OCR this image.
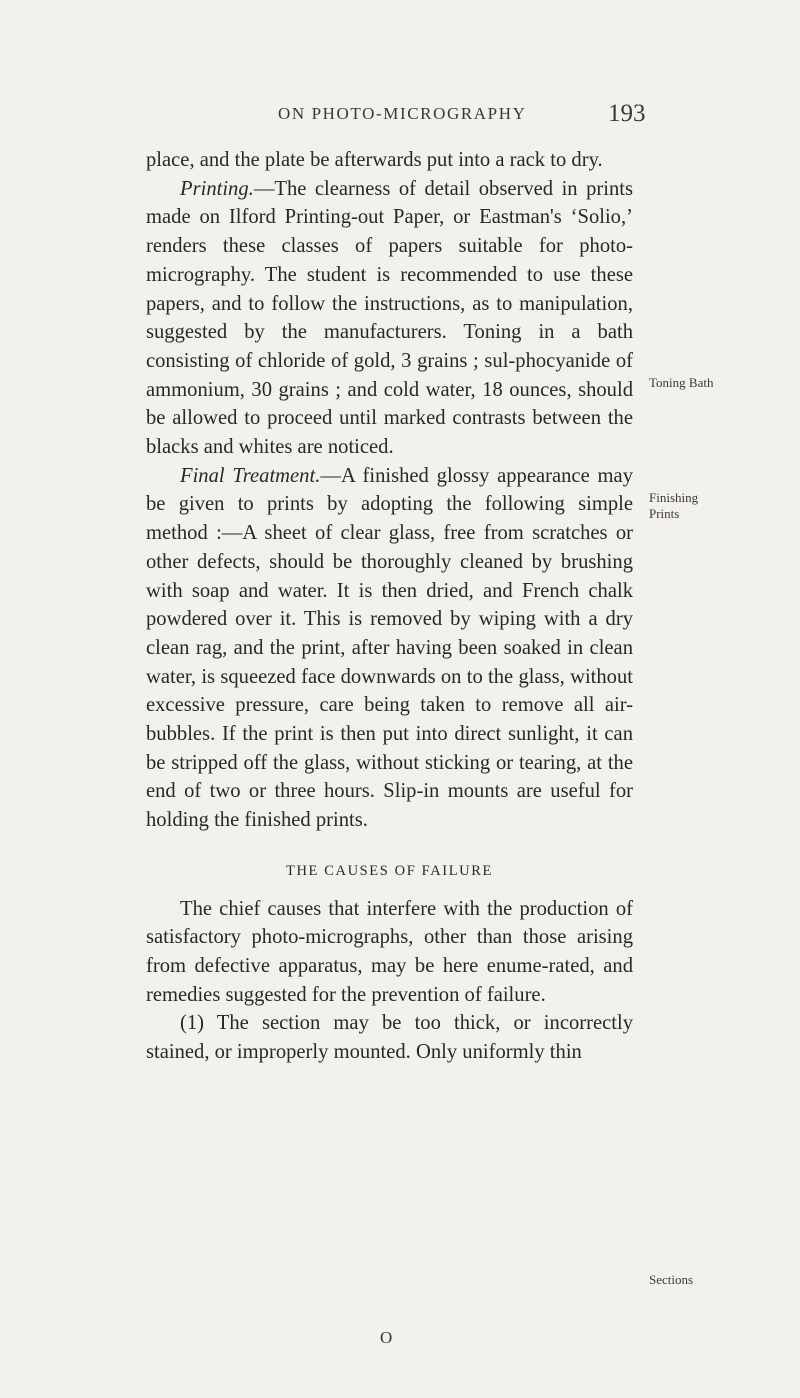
ON PHOTO-MICROGRAPHY	193

place, and the plate be afterwards put into a rack to dry.

Printing.—The clearness of detail observed in prints made on Ilford Printing-out Paper, or Eastman's ‘Solio,’ renders these classes of papers suitable for photo-micrography. The student is recommended to use these papers, and to follow the instructions, as to manipulation, suggested by the manufacturers. Toning in a bath consisting of chloride of gold, 3 grains ; sul-phocyanide of ammonium, 30 grains ; and cold water, 18 ounces, should be allowed to proceed until marked contrasts between the blacks and whites are noticed.

Final Treatment.—A finished glossy appearance may be given to prints by adopting the following simple method :—A sheet of clear glass, free from scratches or other defects, should be thoroughly cleaned by brushing with soap and water. It is then dried, and French chalk powdered over it. This is removed by wiping with a dry clean rag, and the print, after having been soaked in clean water, is squeezed face downwards on to the glass, without excessive pressure, care being taken to remove all air-bubbles. If the print is then put into direct sunlight, it can be stripped off the glass, without sticking or tearing, at the end of two or three hours. Slip-in mounts are useful for holding the finished prints.

THE CAUSES OF FAILURE

The chief causes that interfere with the production of satisfactory photo-micrographs, other than those arising from defective apparatus, may be here enume-rated, and remedies suggested for the prevention of failure.

(1) The section may be too thick, or incorrectly stained, or improperly mounted. Only uniformly thin

Toning Bath
Finishing Prints
Sections
O
